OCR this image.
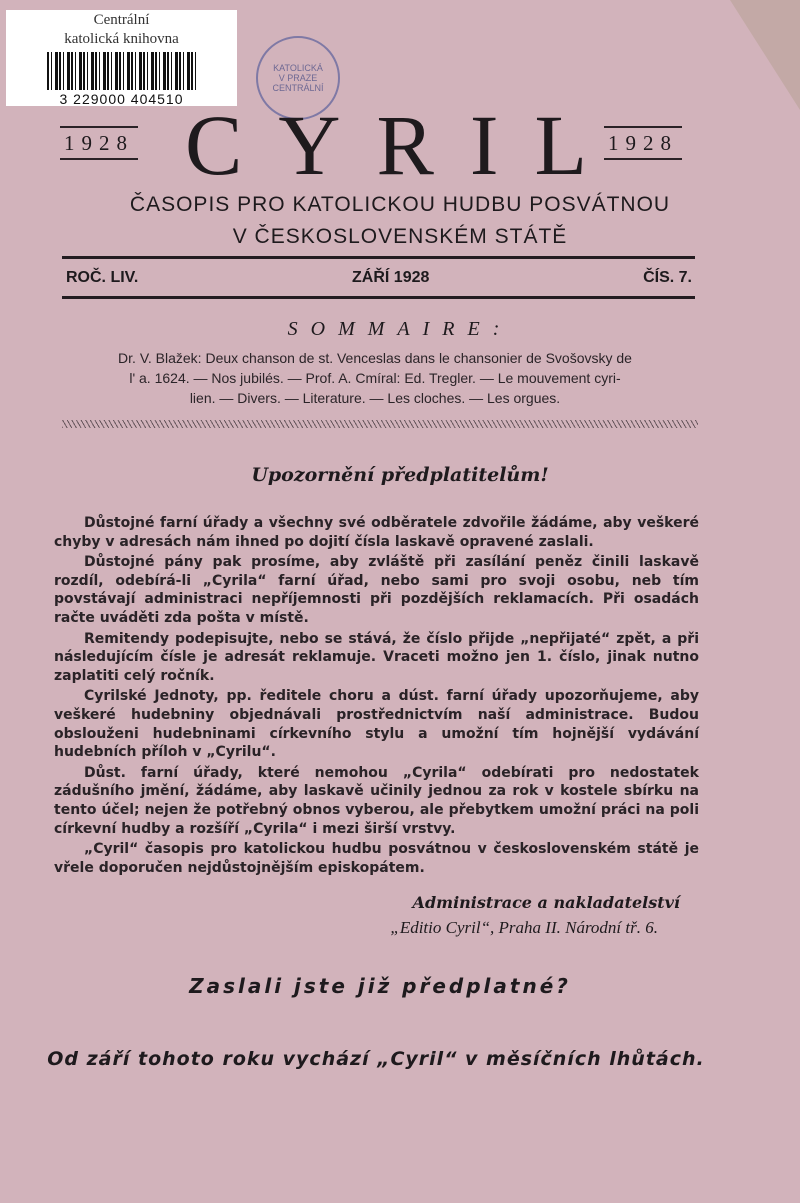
Centrální
katolická knihovna
3 229000 404510
KATOLICKÁ
V PRAZE
CENTRÁLNÍ
1928 CYRIL
1928
ČASOPIS PRO KATOLICKOU HUDBU POSVÁTNOU
V ČESKOSLOVENSKÉM STÁTĚ
ROČ. LIV.	ZÁŘÍ 1928	ČÍS. 7.
SOMMAIRE:
Dr. V. Blažek: Deux chanson de st. Venceslas dans le chansonier de Svošovsky de
l' a. 1624. — Nos jubilés. — Prof. A. Cmíral: Ed. Tregler. — Le mouvement cyri-
lien. — Divers. — Literature. — Les cloches. — Les orgues.
Upozornění předplatitelům!

Důstojné farní úřady a všechny své odběratele zdvořile žádáme, aby veškeré chyby v adresách nám ihned po dojití čísla laskavě opravené zaslali.

Důstojné pány pak prosíme, aby zvláště při zasílání peněz činili laskavě rozdíl, odebírá-li „Cyrila“ farní úřad, nebo sami pro svoji osobu, neb tím povstávají administraci nepříjemnosti při pozdějších reklamacích. Při osadách račte uváděti zda pošta v místě.

Remitendy podepisujte, nebo se stává, že číslo přijde „nepřijaté“ zpět, a při následujícím čísle je adresát reklamuje. Vraceti možno jen 1. číslo, jinak nutno zaplatiti celý ročník.

Cyrilské Jednoty, pp. ředitele choru a dúst. farní úřady upozorňujeme, aby veškeré hudebniny objednávali prostřednictvím naší administrace. Budou obslouženi hudebninami církevního stylu a umožní tím hojnější vydávání hudebních příloh v „Cyrilu“.

Důst. farní úřady, které nemohou „Cyrila“ odebírati pro nedostatek zádušního jmění, žádáme, aby laskavě učinily jednou za rok v kostele sbírku na tento účel; nejen že potřebný obnos vyberou, ale přebytkem umožní práci na poli církevní hudby a rozšíří „Cyrila“ i mezi širší vrstvy.

„Cyril“ časopis pro katolickou hudbu posvátnou v československém státě je vřele doporučen nejdůstojnějším episkopátem.

Administrace a nakladatelství
„Editio Cyril“, Praha II. Národní tř. 6.
Zaslali jste již předplatné?
Od září tohoto roku vychází „Cyril“ v měsíčních lhůtách.
